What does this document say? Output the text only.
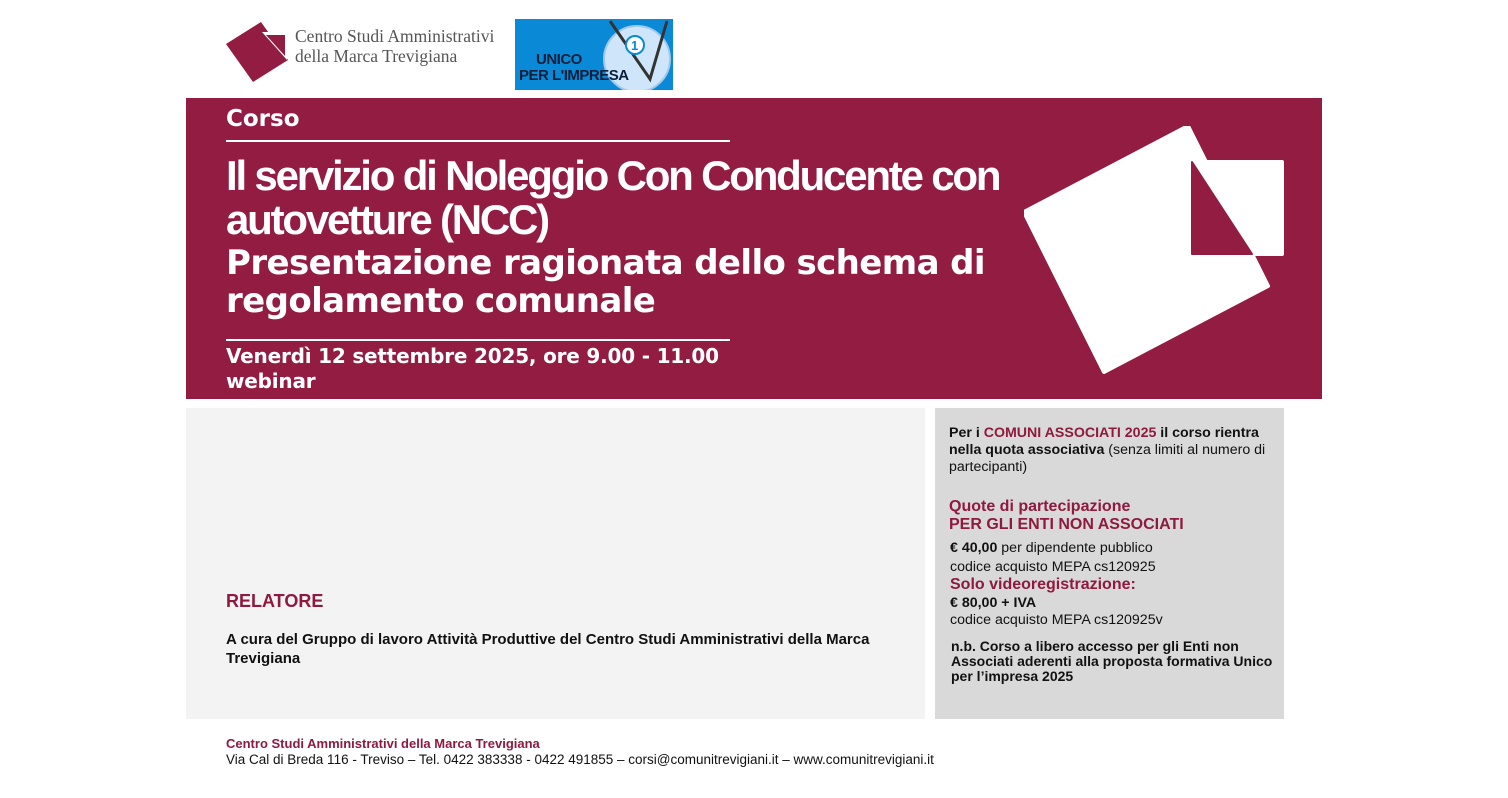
Centro Studi Amministrativi
della Marca Trevigiana
1
UNICO
PER L'IMPRESA
Corso
Il servizio di Noleggio Con Conducente con autovetture (NCC)
Presentazione ragionata dello schema di regolamento comunale
Venerdì 12 settembre 2025, ore 9.00 - 11.00
webinar
RELATORE
A cura del Gruppo di lavoro Attività Produttive del Centro Studi Amministrativi della Marca Trevigiana
Per i COMUNI ASSOCIATI 2025 il corso rientra nella quota associativa (senza limiti al numero di partecipanti)
Quote di partecipazione
PER GLI ENTI NON ASSOCIATI
€ 40,00 per dipendente pubblico
codice acquisto MEPA cs120925
Solo videoregistrazione:
€ 80,00 + IVA
codice acquisto MEPA cs120925v
n.b. Corso a libero accesso per gli Enti non Associati aderenti alla proposta formativa Unico per l’impresa 2025
Centro Studi Amministrativi della Marca Trevigiana
Via Cal di Breda 116 - Treviso – Tel. 0422 383338 - 0422 491855 – corsi@comunitrevigiani.it – www.comunitrevigiani.it
